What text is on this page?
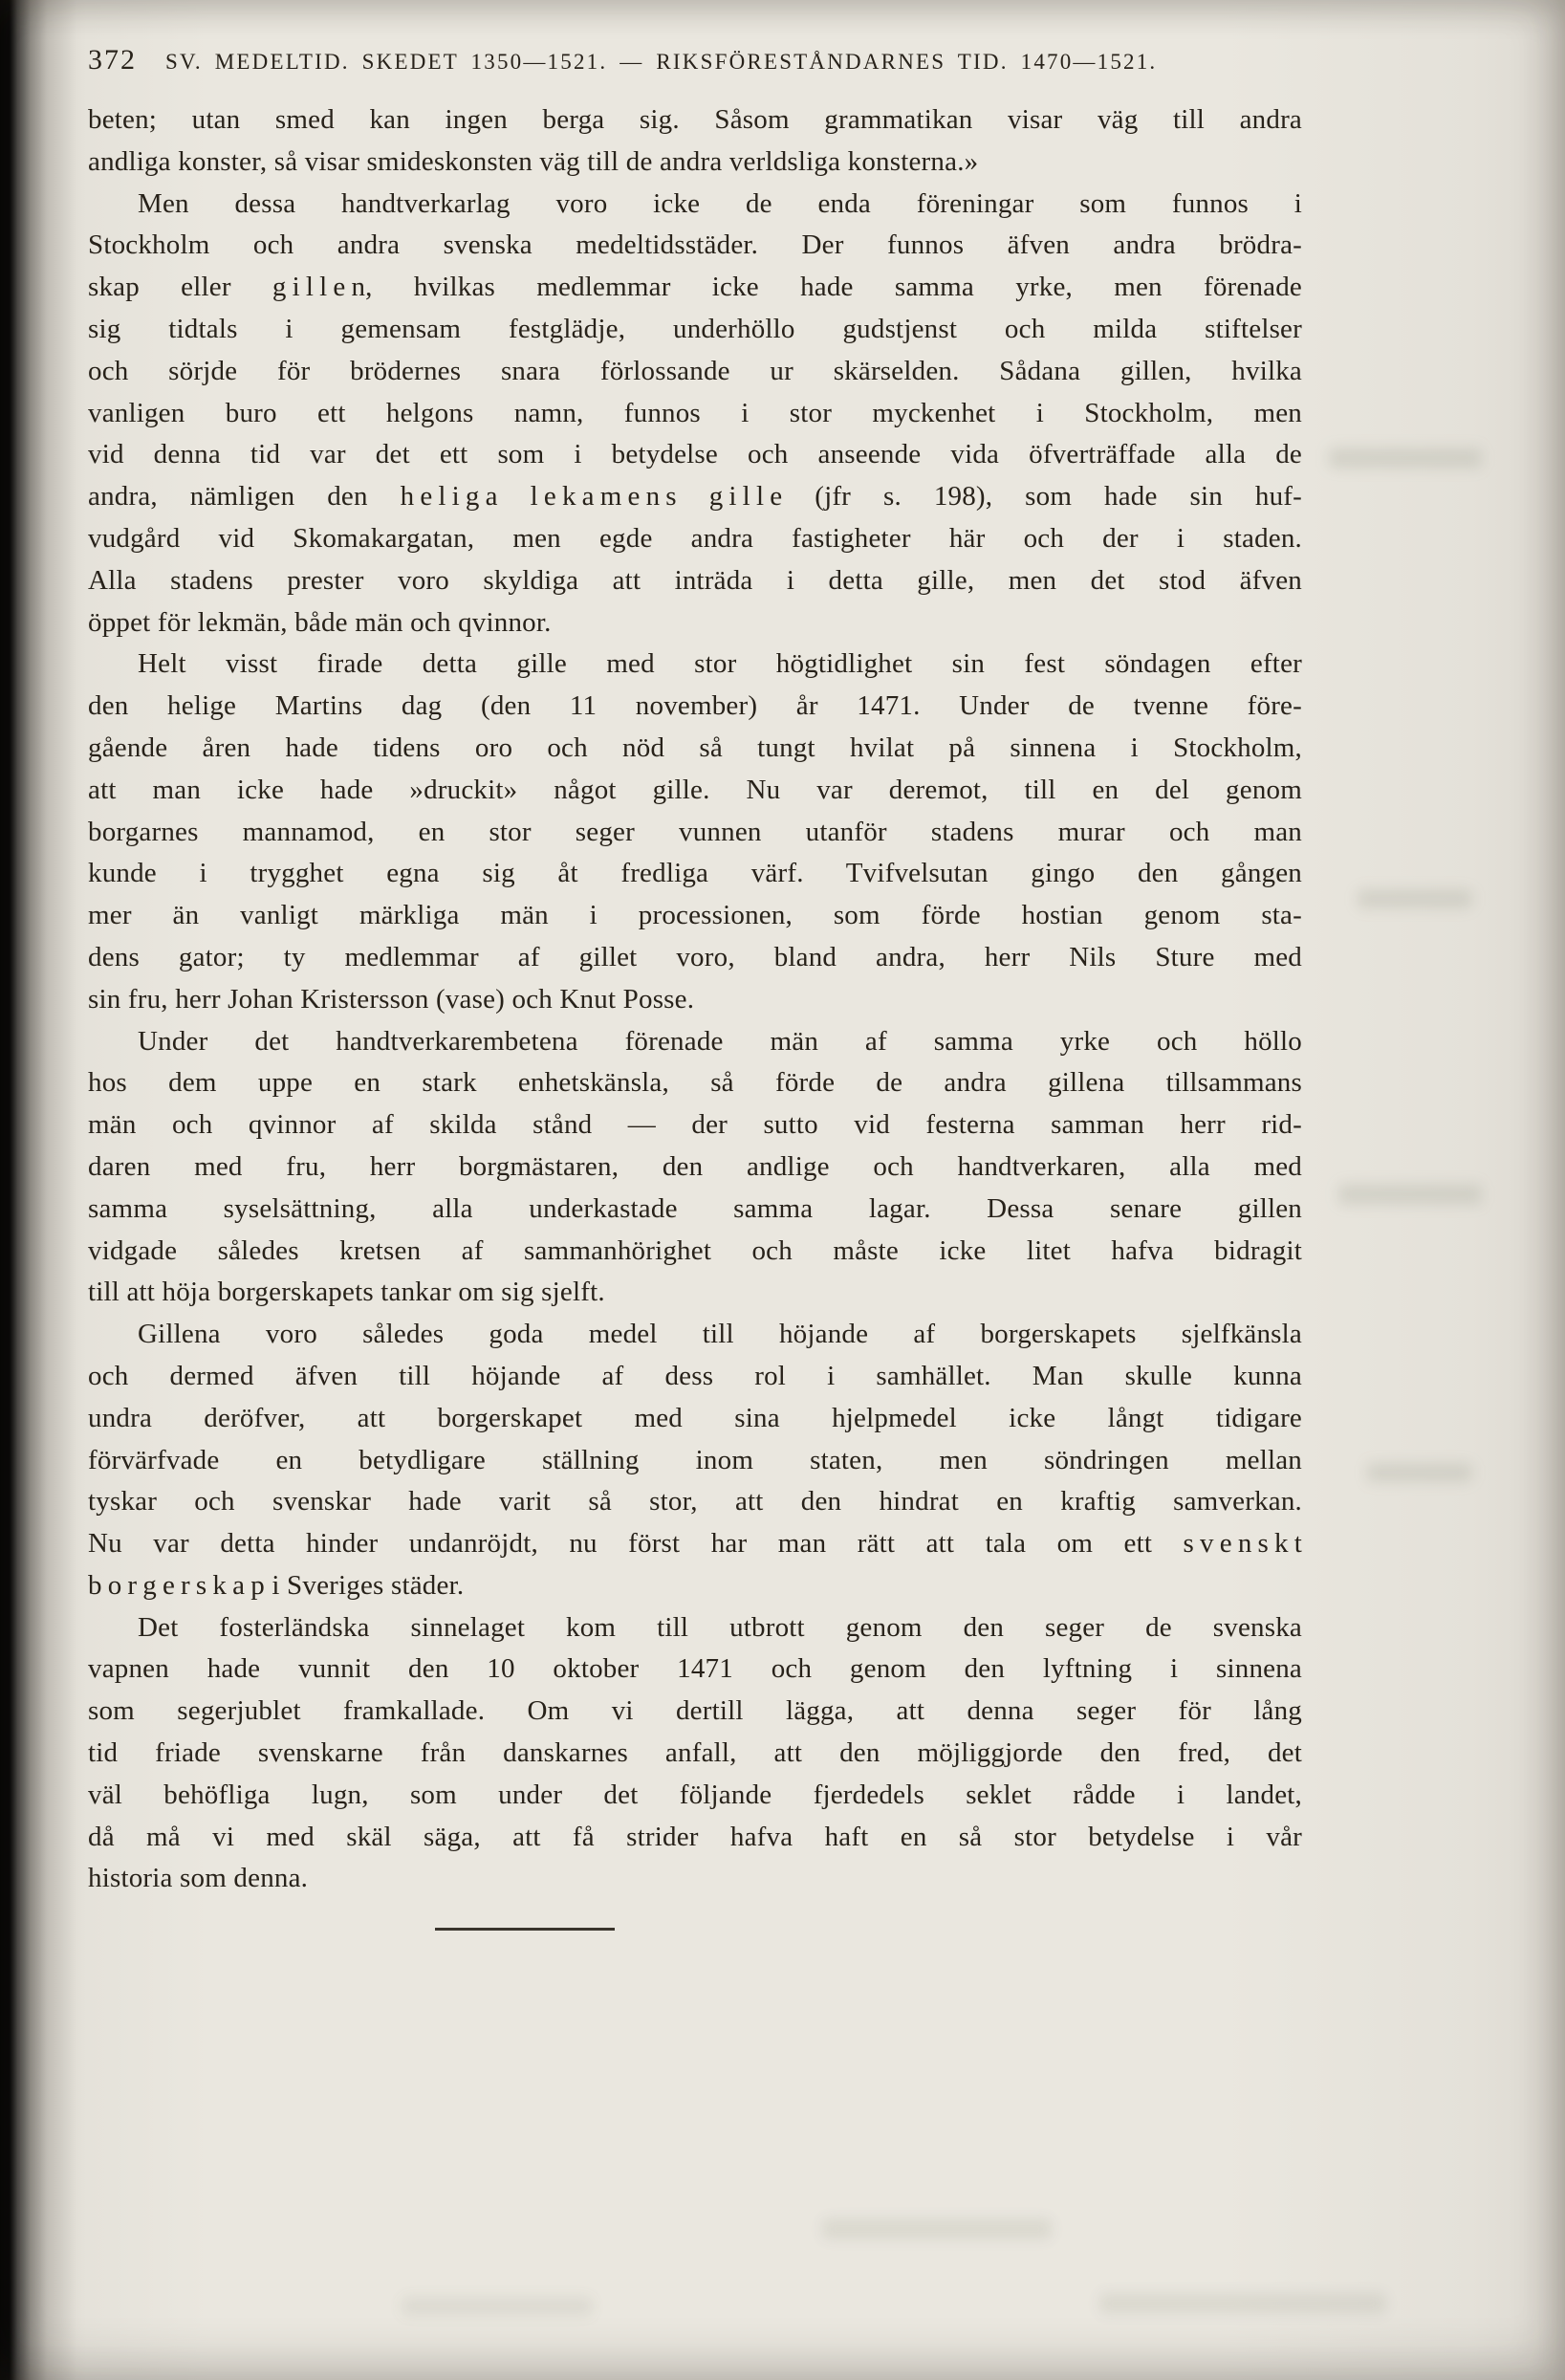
372 SV. MEDELTID. SKEDET 1350—1521. — RIKSFÖRESTÅNDARNES TID. 1470—1521.
beten; utan smed kan ingen berga sig. Såsom grammatikan visar väg till andra
andliga konster, så visar smideskonsten väg till de andra verldsliga konsterna.»
Men dessa handtverkarlag voro icke de enda föreningar som funnos i
Stockholm och andra svenska medeltidsstäder. Der funnos äfven andra brödra-
skap eller g i l l e n, hvilkas medlemmar icke hade samma yrke, men förenade
sig tidtals i gemensam festglädje, underhöllo gudstjenst och milda stiftelser
och sörjde för brödernes snara förlossande ur skärselden. Sådana gillen, hvilka
vanligen buro ett helgons namn, funnos i stor myckenhet i Stockholm, men
vid denna tid var det ett som i betydelse och anseende vida öfverträffade alla de
andra, nämligen den h e l i g a l e k a m e n s g i l l e (jfr s. 198), som hade sin huf-
vudgård vid Skomakargatan, men egde andra fastigheter här och der i staden.
Alla stadens prester voro skyldiga att inträda i detta gille, men det stod äfven
öppet för lekmän, både män och qvinnor.
Helt visst firade detta gille med stor högtidlighet sin fest söndagen efter
den helige Martins dag (den 11 november) år 1471. Under de tvenne före-
gående åren hade tidens oro och nöd så tungt hvilat på sinnena i Stockholm,
att man icke hade »druckit» något gille. Nu var deremot, till en del genom
borgarnes mannamod, en stor seger vunnen utanför stadens murar och man
kunde i trygghet egna sig åt fredliga värf. Tvifvelsutan gingo den gången
mer än vanligt märkliga män i processionen, som förde hostian genom sta-
dens gator; ty medlemmar af gillet voro, bland andra, herr Nils Sture med
sin fru, herr Johan Kristersson (vase) och Knut Posse.
Under det handtverkarembetena förenade män af samma yrke och höllo
hos dem uppe en stark enhetskänsla, så förde de andra gillena tillsammans
män och qvinnor af skilda stånd — der sutto vid festerna samman herr rid-
daren med fru, herr borgmästaren, den andlige och handtverkaren, alla med
samma syselsättning, alla underkastade samma lagar. Dessa senare gillen
vidgade således kretsen af sammanhörighet och måste icke litet hafva bidragit
till att höja borgerskapets tankar om sig sjelft.
Gillena voro således goda medel till höjande af borgerskapets sjelfkänsla
och dermed äfven till höjande af dess rol i samhället. Man skulle kunna
undra deröfver, att borgerskapet med sina hjelpmedel icke långt tidigare
förvärfvade en betydligare ställning inom staten, men söndringen mellan
tyskar och svenskar hade varit så stor, att den hindrat en kraftig samverkan.
Nu var detta hinder undanröjdt, nu först har man rätt att tala om ett s v e n s k t
b o r g e r s k a p i Sveriges städer.
Det fosterländska sinnelaget kom till utbrott genom den seger de svenska
vapnen hade vunnit den 10 oktober 1471 och genom den lyftning i sinnena
som segerjublet framkallade. Om vi dertill lägga, att denna seger för lång
tid friade svenskarne från danskarnes anfall, att den möjliggjorde den fred, det
väl behöfliga lugn, som under det följande fjerdedels seklet rådde i landet,
då må vi med skäl säga, att få strider hafva haft en så stor betydelse i vår
historia som denna.
